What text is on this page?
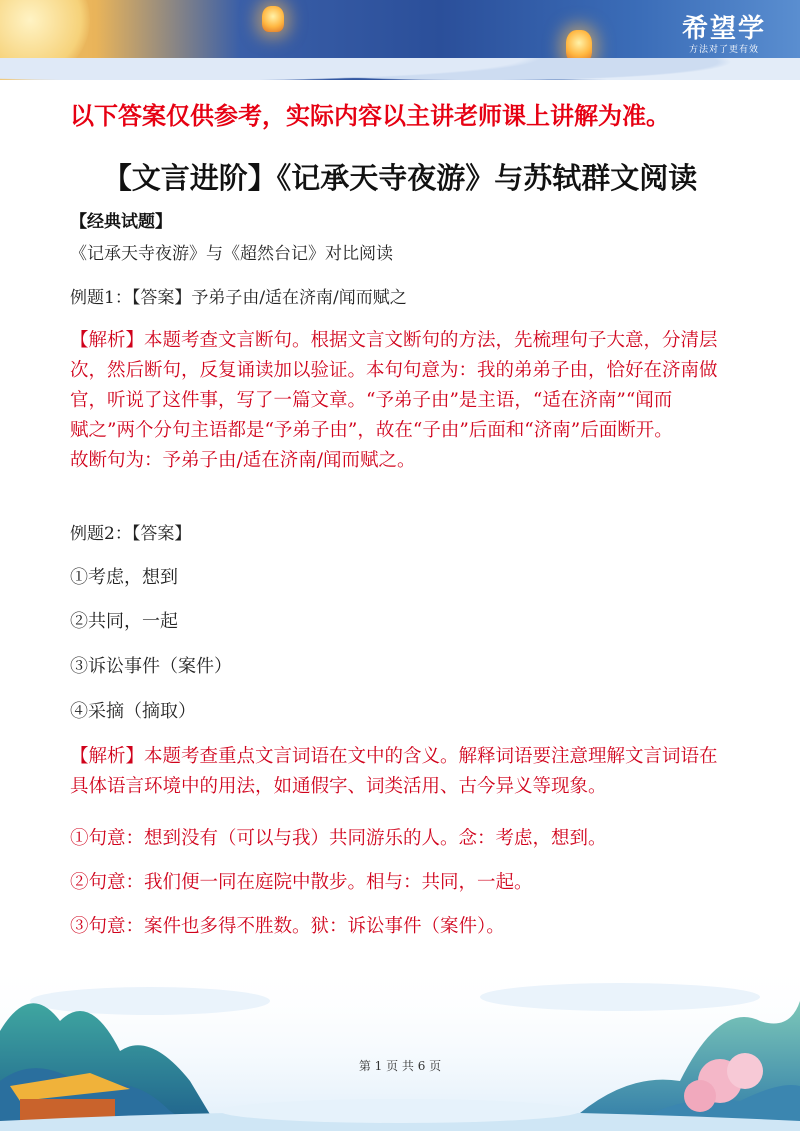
希望学
方法对了更有效
以下答案仅供参考，实际内容以主讲老师课上讲解为准。
【文言进阶】《记承天寺夜游》与苏轼群文阅读
【经典试题】
《记承天寺夜游》与《超然台记》对比阅读
例题1：【答案】予弟子由/适在济南/闻而赋之
【解析】本题考查文言断句。根据文言文断句的方法，先梳理句子大意，分清层
次，然后断句，反复诵读加以验证。本句句意为：我的弟弟子由，恰好在济南做
官，听说了这件事，写了一篇文章。“予弟子由”是主语，“适在济南”“闻而
赋之”两个分句主语都是“予弟子由”，故在“子由”后面和“济南”后面断开。
故断句为：予弟子由/适在济南/闻而赋之。
例题2：【答案】
①考虑，想到
②共同，一起
③诉讼事件（案件）
④采摘（摘取）
【解析】本题考查重点文言词语在文中的含义。解释词语要注意理解文言词语在
具体语言环境中的用法，如通假字、词类活用、古今异义等现象。
①句意：想到没有（可以与我）共同游乐的人。念：考虑，想到。
②句意：我们便一同在庭院中散步。相与：共同，一起。
③句意：案件也多得不胜数。狱：诉讼事件（案件）。
第 1 页 共 6 页
